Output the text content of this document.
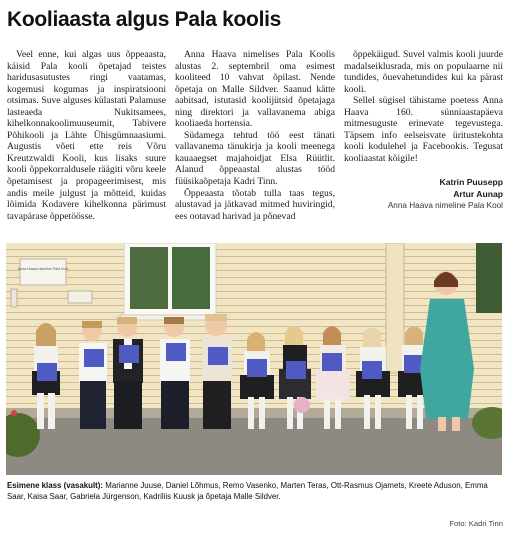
Kooliaasta algus Pala koolis

Veel enne, kui algas uus õppeaasta, käisid Pala kooli õpetajad teistes haridusasutustes ringi vaatamas, kogemusi kogumas ja inspiratsiooni otsimas. Suve alguses külastati Palamuse lasteaeda Nukitsamees, kihelkonnakoolimuuseumit, Tabivere Põhikooli ja Lähte Ühisgümnaasiumi. Augustis võeti ette reis Võru Kreutzwaldi Kooli, kus lisaks suure kooli õppekorraldusele räägiti võru keele õpetamisest ja propageerimisest, mis andis meile julgust ja mõtteid, kuidas lõimida Kodavere kihelkonna pärimust tavapärase õppetöösse.

Anna Haava nimelises Pala Koolis alustas 2. septembril oma esimest kooliteed 10 vahvat õpilast. Nende õpetaja on Malle Sildver. Saanud kätte aabitsad, istutasid koolijütsid õpetajaga ning direktori ja vallavanema abiga kooliaeda hortensia.

Südamega tehtud töö eest tänati vallavanema tänukirja ja kooli meenega kauaaegset majahoidjat Elsa Rüütlit. Alanud õppeaastal alustas tööd füüsikaõpetaja Kadri Tinn.

Õppeaasta tõotab tulla taas tegus, alustavad ja jätkavad mitmed huviringid, ees ootavad harivad ja põnevad

õppekäigud. Suvel valmis kooli juurde madalseiklusrada, mis on populaarne nii tundides, õuevahetundides kui ka pärast kooli.

Sellel sügisel tähistame poetess Anna Haava 160. sünniaastapäeva mitmesuguste erinevate tegevustega. Täpsem info eelseisvate üritustekohta kooli kodulehel ja Facebookis. Tegusat kooliaastat kõigile!

Katrin Puusepp
Artur Aunap
Anna Haava nimeline Pala Kool
Anna Haava nimeline Pala Kool

Esimene klass (vasakult): Marianne Juuse, Daniel Lõhmus, Remo Vasenko, Marten Teras, Ott-Rasmus Ojamets, Kreete Aduson, Emma Saar, Kaisa Saar, Gabriela Jürgenson, Kadriliis Kuusk ja õpetaja Malle Sildver.

Foto: Kadri Tinn
